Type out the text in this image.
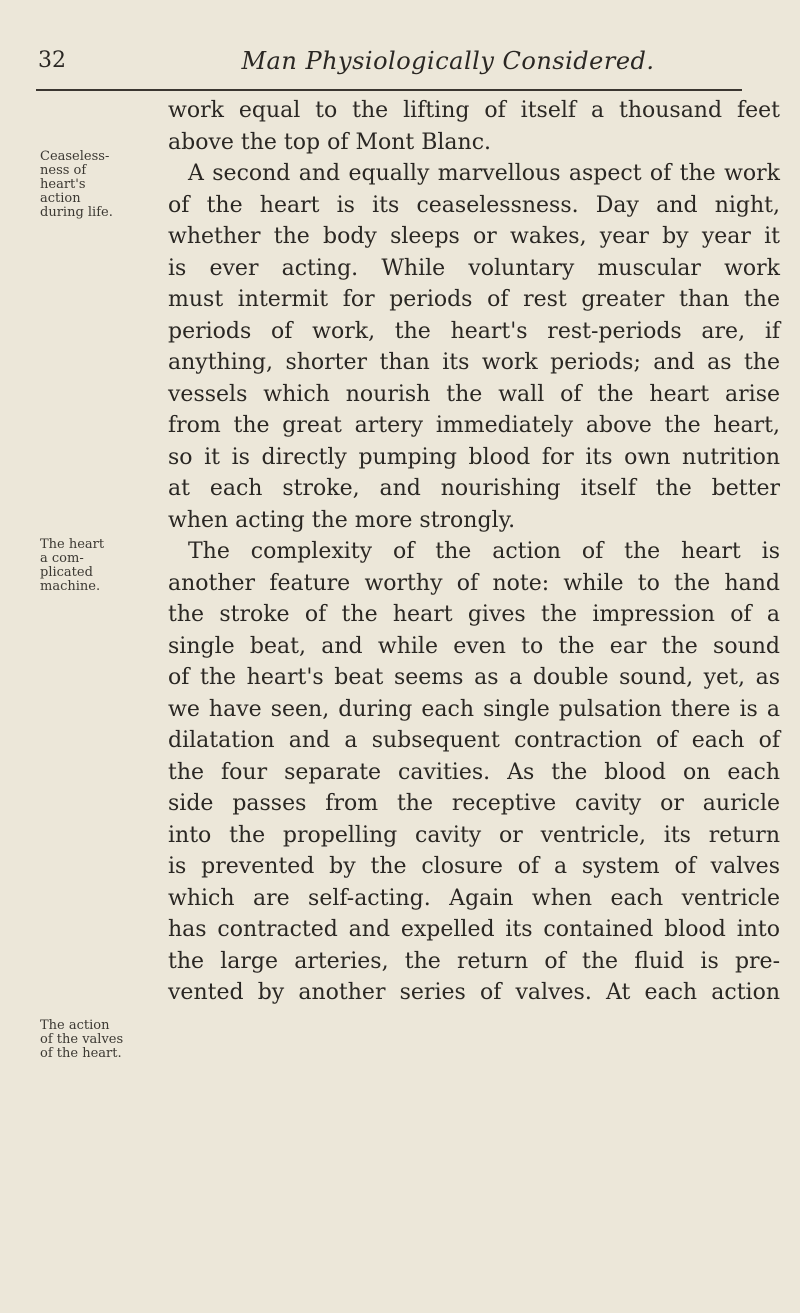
32	Man Physiologically Considered.
Ceaseless-
ness of
heart's
action
during life.
The heart
a com-
plicated
machine.
The action
of the valves
of the heart.
work equal to the lifting of itself a thousand feet
above the top of Mont Blanc.
A second and equally marvellous aspect of the work
of the heart is its ceaselessness. Day and night,
whether the body sleeps or wakes, year by year it
is ever acting. While voluntary muscular work
must intermit for periods of rest greater than the
periods of work, the heart's rest-periods are, if
anything, shorter than its work periods; and as the
vessels which nourish the wall of the heart arise
from the great artery immediately above the heart,
so it is directly pumping blood for its own nutrition
at each stroke, and nourishing itself the better
when acting the more strongly.
The complexity of the action of the heart is
another feature worthy of note: while to the hand
the stroke of the heart gives the impression of a
single beat, and while even to the ear the sound
of the heart's beat seems as a double sound, yet, as
we have seen, during each single pulsation there is a
dilatation and a subsequent contraction of each of
the four separate cavities. As the blood on each
side passes from the receptive cavity or auricle
into the propelling cavity or ventricle, its return
is prevented by the closure of a system of valves
which are self-acting. Again when each ventricle
has contracted and expelled its contained blood into
the large arteries, the return of the fluid is pre-
vented by another series of valves. At each action
